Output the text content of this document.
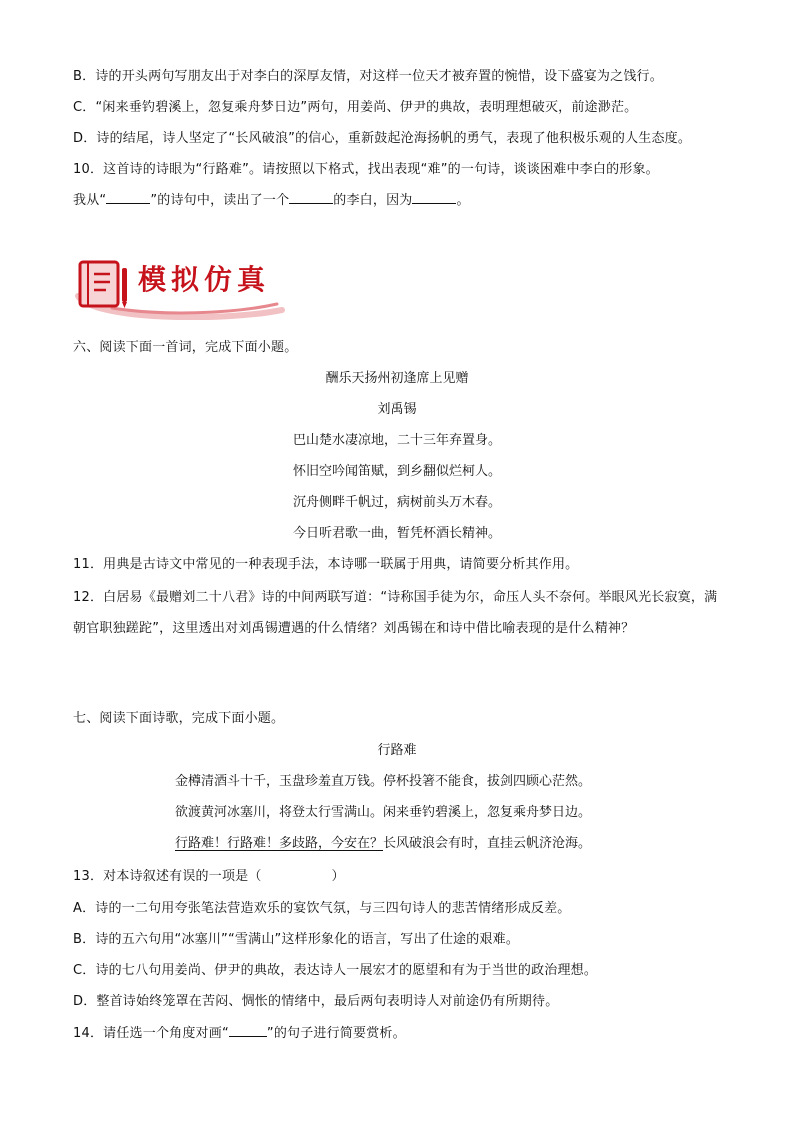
B．诗的开头两句写朋友出于对李白的深厚友情，对这样一位天才被弃置的惋惜，设下盛宴为之饯行。
C．“闲来垂钓碧溪上，忽复乘舟梦日边”两句，用姜尚、伊尹的典故，表明理想破灭，前途渺茫。
D．诗的结尾，诗人坚定了“长风破浪”的信心，重新鼓起沧海扬帆的勇气，表现了他积极乐观的人生态度。
10．这首诗的诗眼为“行路难”。请按照以下格式，找出表现“难”的一句诗，谈谈困难中李白的形象。
我从“	”的诗句中，读出了一个	的李白，因为	。
模拟仿真
六、阅读下面一首词，完成下面小题。
酬乐天扬州初逢席上见赠
刘禹锡
巴山楚水凄凉地，二十三年弃置身。
怀旧空吟闻笛赋，到乡翻似烂柯人。
沉舟侧畔千帆过，病树前头万木春。
今日听君歌一曲，暂凭杯酒长精神。
11．用典是古诗文中常见的一种表现手法，本诗哪一联属于用典，请简要分析其作用。
12．白居易《最赠刘二十八君》诗的中间两联写道：“诗称国手徒为尔，命压人头不奈何。举眼风光长寂寞，满朝官职独蹉跎”，这里透出对刘禹锡遭遇的什么情绪？刘禹锡在和诗中借比喻表现的是什么精神？
七、阅读下面诗歌，完成下面小题。
行路难
金樽清酒斗十千，玉盘珍羞直万钱。停杯投箸不能食，拔剑四顾心茫然。
欲渡黄河冰塞川，将登太行雪满山。闲来垂钓碧溪上，忽复乘舟梦日边。
行路难！行路难！多歧路，今安在？长风破浪会有时，直挂云帆济沧海。
13．对本诗叙述有误的一项是（	）
A．诗的一二句用夸张笔法营造欢乐的宴饮气氛，与三四句诗人的悲苦情绪形成反差。
B．诗的五六句用“冰塞川”“雪满山”这样形象化的语言，写出了仕途的艰难。
C．诗的七八句用姜尚、伊尹的典故，表达诗人一展宏才的愿望和有为于当世的政治理想。
D．整首诗始终笼罩在苦闷、惆怅的情绪中，最后两句表明诗人对前途仍有所期待。
14．请任选一个角度对画“	”的句子进行简要赏析。
